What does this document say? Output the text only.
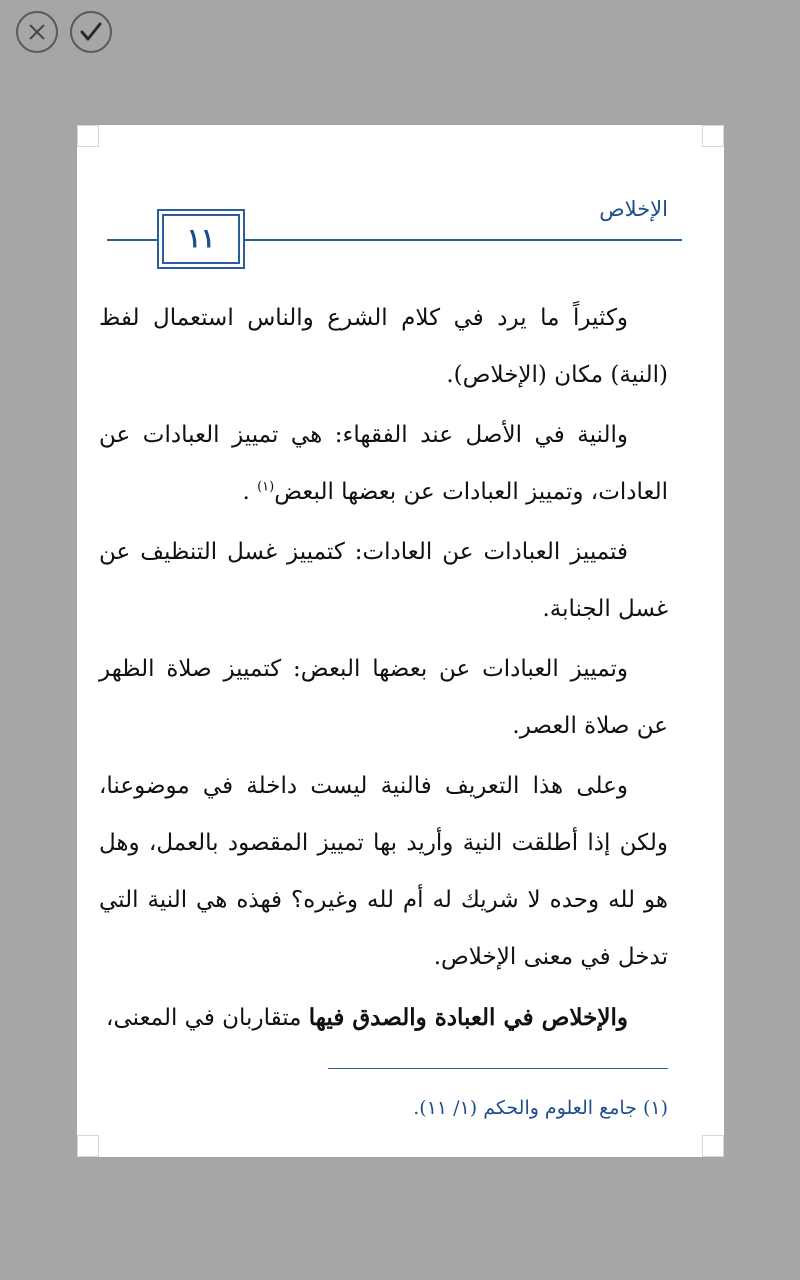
الإخلاص

١١

وكثيراً ما يرد في كلام الشرع والناس استعمال لفظ (النية) مكان (الإخلاص).

والنية في الأصل عند الفقهاء: هي تمييز العبادات عن العادات، وتمييز العبادات عن بعضها البعض$^{(١)}$ .

فتمييز العبادات عن العادات: كتمييز غسل التنظيف عن غسل الجنابة.

وتمييز العبادات عن بعضها البعض: كتمييز صلاة الظهر عن صلاة العصر.

وعلى هذا التعريف فالنية ليست داخلة في موضوعنا، ولكن إذا أطلقت النية وأريد بها تمييز المقصود بالعمل، وهل هو لله وحده لا شريك له أم لله وغيره؟ فهذه هي النية التي تدخل في معنى الإخلاص.

والإخلاص في العبادة والصدق فيها متقاربان في المعنى،

(١) جامع العلوم والحكم (١/ ١١).
